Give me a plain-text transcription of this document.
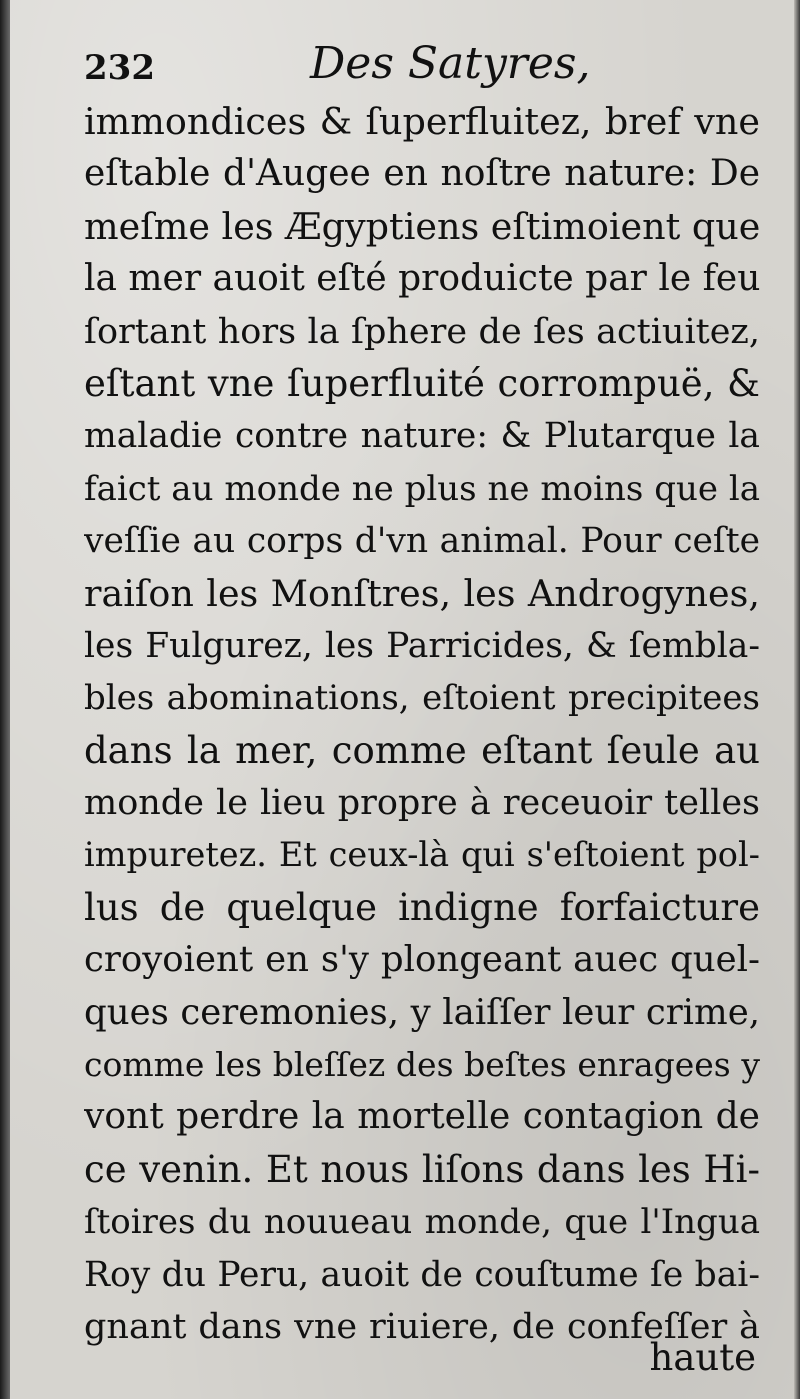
232	Des Satyres,
immondices & ſuperfluitez, bref vne
eſtable d'Augee en noſtre nature: De
meſme les Ægyptiens eſtimoient que
la mer auoit eſté produicte par le feu
ſortant hors la ſphere de ſes actiuitez,
eſtant vne ſuperfluité corrompuë, &
maladie contre nature: & Plutarque la
faict au monde ne plus ne moins que la
veſſie au corps d'vn animal. Pour ceſte
raiſon les Monſtres, les Androgynes,
les Fulgurez, les Parricides, & ſembla-
bles abominations, eſtoient precipitees
dans la mer, comme eſtant ſeule au
monde le lieu propre à receuoir telles
impuretez. Et ceux-là qui s'eſtoient pol-
lus de quelque indigne forfaicture
croyoient en s'y plongeant auec quel-
ques ceremonies, y laiſſer leur crime,
comme les bleſſez des beſtes enragees y
vont perdre la mortelle contagion de
ce venin. Et nous liſons dans les Hi-
ſtoires du nouueau monde, que l'Ingua
Roy du Peru, auoit de couſtume ſe bai-
gnant dans vne riuiere, de confeſſer à
haute
